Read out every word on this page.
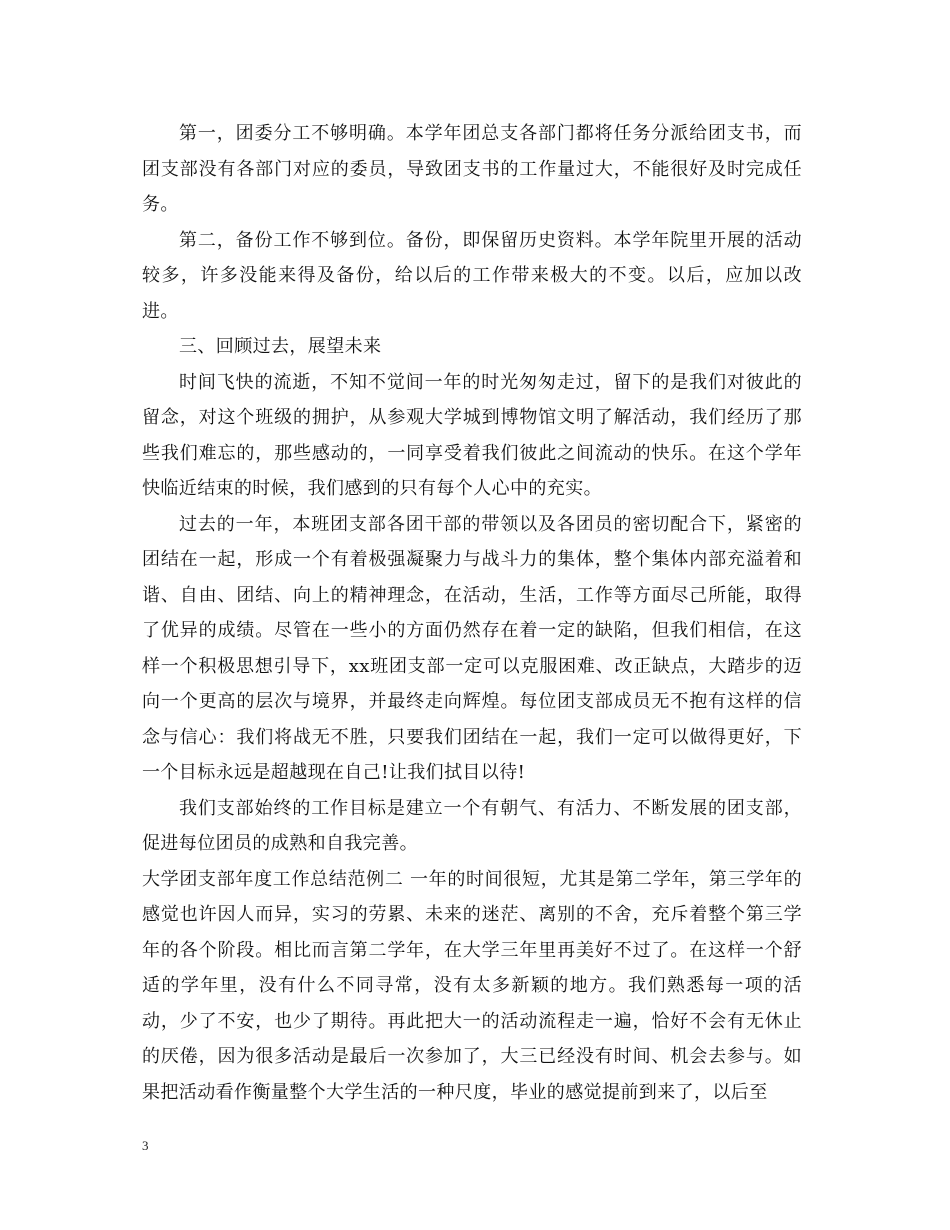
第一，团委分工不够明确。本学年团总支各部门都将任务分派给团支书，而团支部没有各部门对应的委员，导致团支书的工作量过大，不能很好及时完成任务。

第二，备份工作不够到位。备份，即保留历史资料。本学年院里开展的活动较多，许多没能来得及备份，给以后的工作带来极大的不变。以后，应加以改进。

三、回顾过去，展望未来

时间飞快的流逝，不知不觉间一年的时光匆匆走过，留下的是我们对彼此的留念，对这个班级的拥护，从参观大学城到博物馆文明了解活动，我们经历了那些我们难忘的，那些感动的，一同享受着我们彼此之间流动的快乐。在这个学年快临近结束的时候，我们感到的只有每个人心中的充实。

过去的一年，本班团支部各团干部的带领以及各团员的密切配合下，紧密的团结在一起，形成一个有着极强凝聚力与战斗力的集体，整个集体内部充溢着和谐、自由、团结、向上的精神理念，在活动，生活，工作等方面尽己所能，取得了优异的成绩。尽管在一些小的方面仍然存在着一定的缺陷，但我们相信，在这样一个积极思想引导下，xx班团支部一定可以克服困难、改正缺点，大踏步的迈向一个更高的层次与境界，并最终走向辉煌。每位团支部成员无不抱有这样的信念与信心：我们将战无不胜，只要我们团结在一起，我们一定可以做得更好，下一个目标永远是超越现在自己!让我们拭目以待!

我们支部始终的工作目标是建立一个有朝气、有活力、不断发展的团支部，促进每位团员的成熟和自我完善。

大学团支部年度工作总结范例二 一年的时间很短，尤其是第二学年，第三学年的感觉也许因人而异，实习的劳累、未来的迷茫、离别的不舍，充斥着整个第三学年的各个阶段。相比而言第二学年，在大学三年里再美好不过了。在这样一个舒适的学年里，没有什么不同寻常，没有太多新颖的地方。我们熟悉每一项的活动，少了不安，也少了期待。再此把大一的活动流程走一遍，恰好不会有无休止的厌倦，因为很多活动是最后一次参加了，大三已经没有时间、机会去参与。如果把活动看作衡量整个大学生活的一种尺度，毕业的感觉提前到来了，以后至

3
